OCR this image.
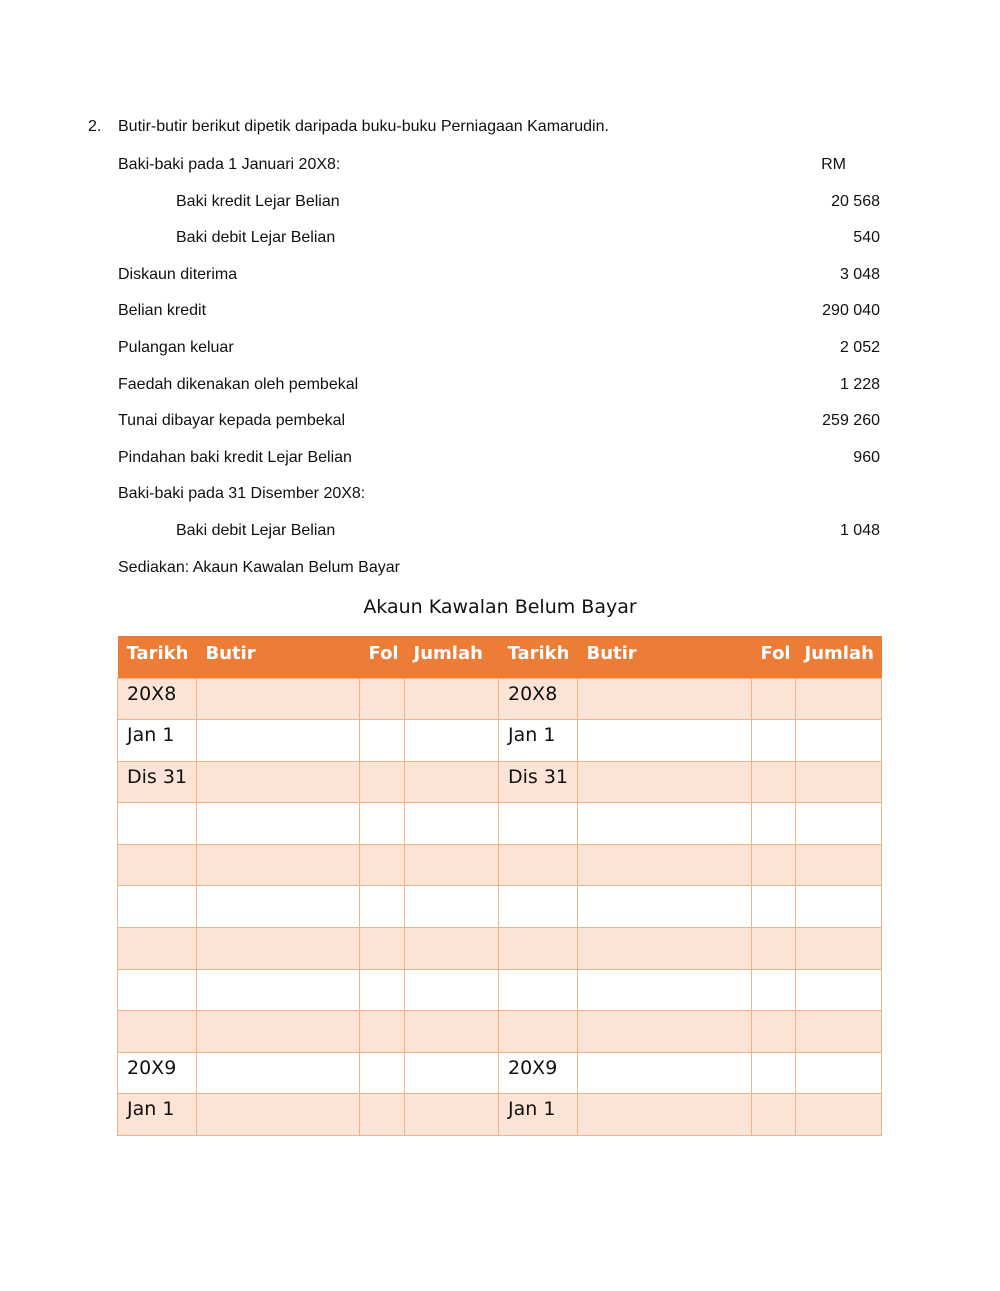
2. Butir-butir berikut dipetik daripada buku-buku Perniagaan Kamarudin.
Baki-baki pada 1 Januari 20X8:	RM
Baki kredit Lejar Belian	20 568
Baki debit Lejar Belian	540
Diskaun diterima	3 048
Belian kredit	290 040
Pulangan keluar	2 052
Faedah dikenakan oleh pembekal	1 228
Tunai dibayar kepada pembekal	259 260
Pindahan baki kredit Lejar Belian	960
Baki-baki pada 31 Disember 20X8:
Baki debit Lejar Belian	1 048
Sediakan: Akaun Kawalan Belum Bayar
Akaun Kawalan Belum Bayar
Tarikh	Butir	Fol	Jumlah	Tarikh	Butir	Fol	Jumlah
20X8				20X8			
Jan 1				Jan 1			
Dis 31				Dis 31			

20X9				20X9			
Jan 1				Jan 1			
